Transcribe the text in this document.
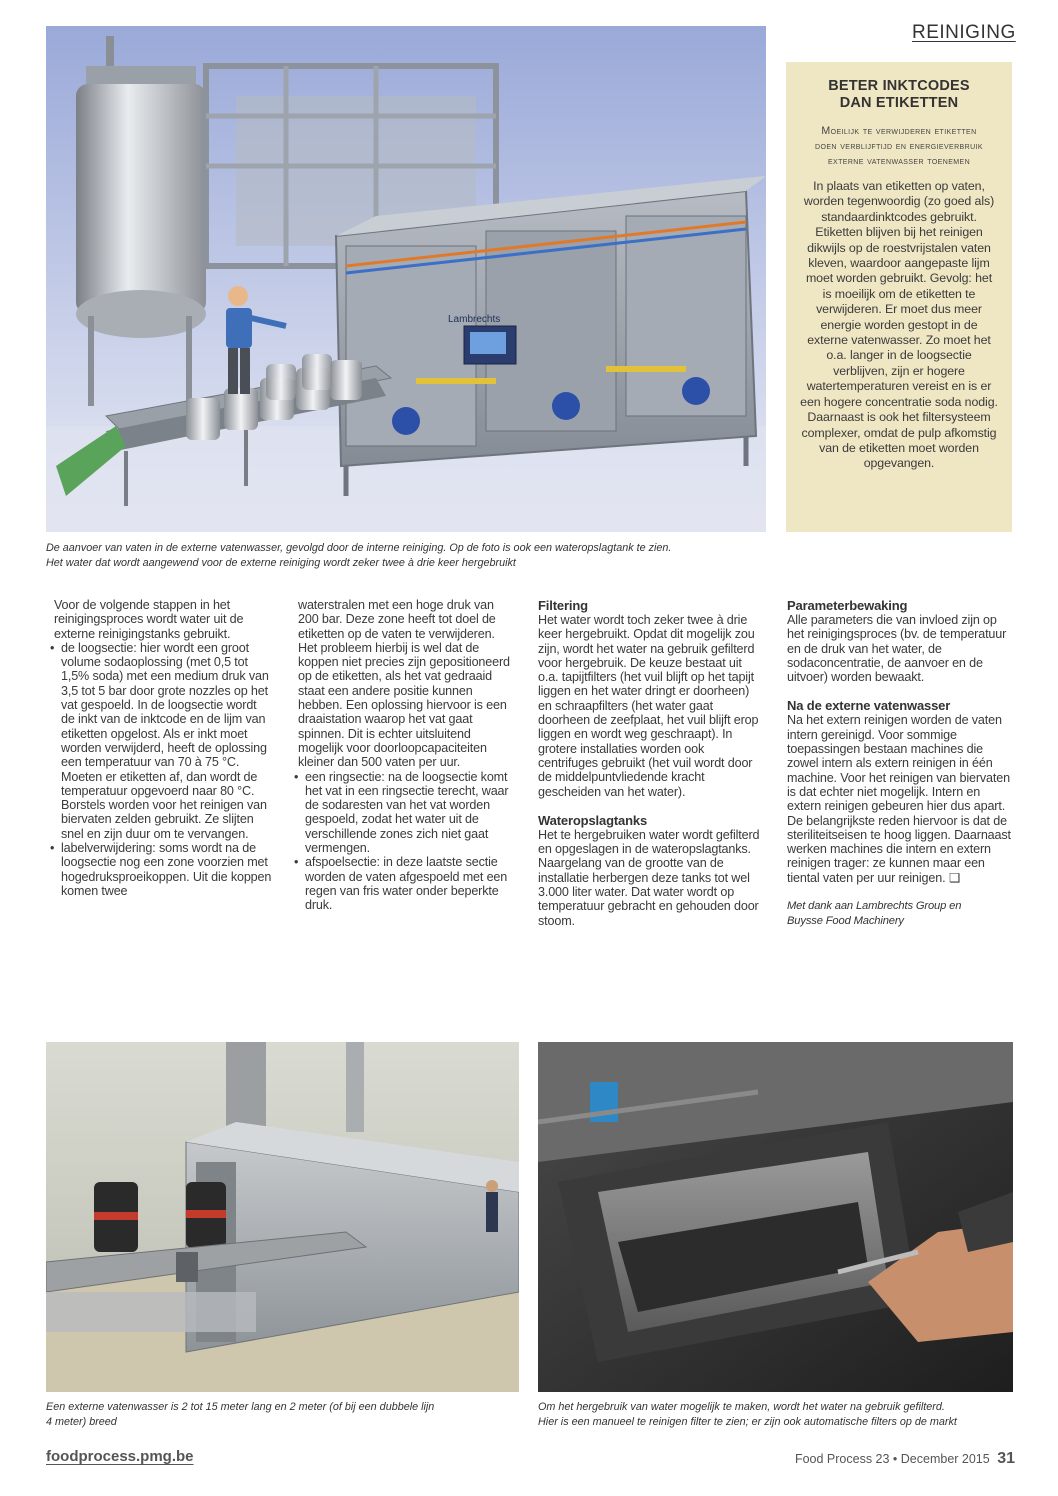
REINIGING
Lambrechts
BETER INKTCODES
DAN ETIKETTEN
Moeilijk te verwijderen etiketten
doen verblijftijd en energieverbruik
externe vatenwasser toenemen
In plaats van etiketten op vaten, worden tegenwoordig (zo goed als) standaardinktcodes gebruikt. Etiketten blijven bij het reinigen dikwijls op de roestvrijstalen vaten kleven, waardoor aangepaste lijm moet worden gebruikt. Gevolg: het is moeilijk om de etiketten te verwijderen. Er moet dus meer energie worden gestopt in de externe vatenwasser. Zo moet het o.a. langer in de loogsectie verblijven, zijn er hogere watertemperaturen vereist en is er een hogere concentratie soda nodig. Daarnaast is ook het filtersysteem complexer, omdat de pulp afkomstig van de etiketten moet worden opgevangen.
De aanvoer van vaten in de externe vatenwasser, gevolgd door de interne reiniging. Op de foto is ook een wateropslagtank te zien.
Het water dat wordt aangewend voor de externe reiniging wordt zeker twee à drie keer hergebruikt

Voor de volgende stappen in het reinigingsproces wordt water uit de externe reinigingstanks gebruikt.

• de loogsectie: hier wordt een groot volume sodaoplossing (met 0,5 tot 1,5% soda) met een medium druk van 3,5 tot 5 bar door grote nozzles op het vat gespoeld. In de loogsectie wordt de inkt van de inktcode en de lijm van etiketten opgelost. Als er inkt moet worden verwijderd, heeft de oplossing een temperatuur van 70 à 75 °C. Moeten er etiketten af, dan wordt de temperatuur opgevoerd naar 80 °C. Borstels worden voor het reinigen van biervaten zelden gebruikt. Ze slijten snel en zijn duur om te vervangen.

• labelverwijdering: soms wordt na de loogsectie nog een zone voorzien met hogedruksproeikoppen. Uit die koppen komen twee

waterstralen met een hoge druk van 200 bar. Deze zone heeft tot doel de etiketten op de vaten te verwijderen. Het probleem hierbij is wel dat de koppen niet precies zijn gepositioneerd op de etiketten, als het vat gedraaid staat een andere positie kunnen hebben. Een oplossing hiervoor is een draaistation waarop het vat gaat spinnen. Dit is echter uitsluitend mogelijk voor doorloopcapaciteiten kleiner dan 500 vaten per uur.

• een ringsectie: na de loogsectie komt het vat in een ringsectie terecht, waar de sodaresten van het vat worden gespoeld, zodat het water uit de verschillende zones zich niet gaat vermengen.

• afspoelsectie: in deze laatste sectie worden de vaten afgespoeld met een regen van fris water onder beperkte druk.

Filtering

Het water wordt toch zeker twee à drie keer hergebruikt. Opdat dit mogelijk zou zijn, wordt het water na gebruik gefilterd voor hergebruik. De keuze bestaat uit o.a. tapijtfilters (het vuil blijft op het tapijt liggen en het water dringt er doorheen) en schraapfilters (het water gaat doorheen de zeefplaat, het vuil blijft erop liggen en wordt weg geschraapt). In grotere installaties worden ook centrifuges gebruikt (het vuil wordt door de middelpuntvliedende kracht gescheiden van het water).

Wateropslagtanks

Het te hergebruiken water wordt gefilterd en opgeslagen in de wateropslagtanks. Naargelang van de grootte van de installatie herbergen deze tanks tot wel 3.000 liter water. Dat water wordt op temperatuur gebracht en gehouden door stoom.

Parameterbewaking

Alle parameters die van invloed zijn op het reinigingsproces (bv. de temperatuur en de druk van het water, de sodaconcentratie, de aanvoer en de uitvoer) worden bewaakt.

Na de externe vatenwasser

Na het extern reinigen worden de vaten intern gereinigd. Voor sommige toepassingen bestaan machines die zowel intern als extern reinigen in één machine. Voor het reinigen van biervaten is dat echter niet mogelijk. Intern en extern reinigen gebeuren hier dus apart. De belangrijkste reden hiervoor is dat de steriliteitseisen te hoog liggen. Daarnaast werken machines die intern en extern reinigen trager: ze kunnen maar een tiental vaten per uur reinigen. ❑

Met dank aan Lambrechts Group en
Buysse Food Machinery
Een externe vatenwasser is 2 tot 15 meter lang en 2 meter (of bij een dubbele lijn
4 meter) breed
Om het hergebruik van water mogelijk te maken, wordt het water na gebruik gefilterd.
Hier is een manueel te reinigen filter te zien; er zijn ook automatische filters op de markt
foodprocess.pmg.be	Food Process 23 • December 2015 31
